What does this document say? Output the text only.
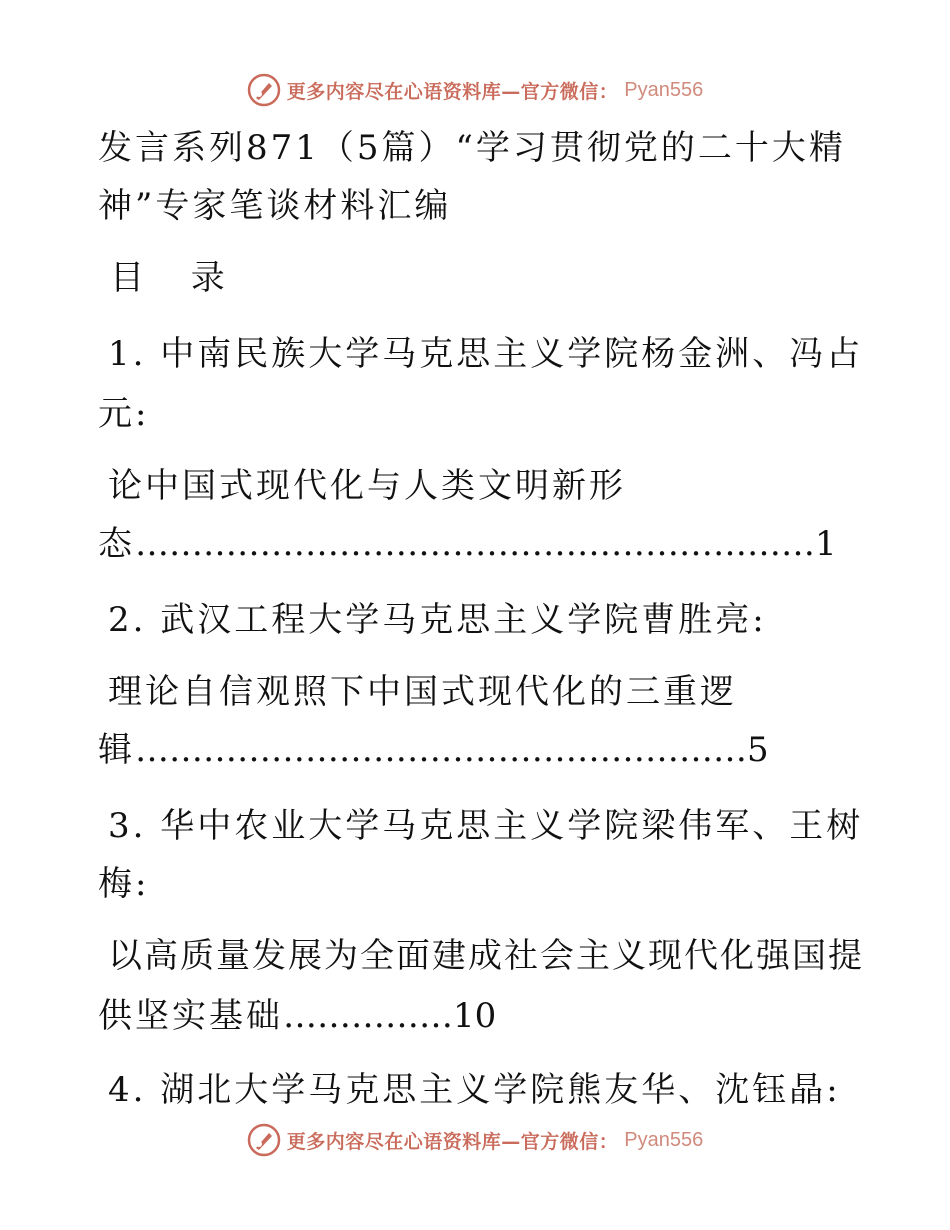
更多内容尽在心语资料库—官方微信： Pyan556
发言系列871（5篇）“学习贯彻党的二十大精
神”专家笔谈材料汇编
目 录
1. 中南民族大学马克思主义学院杨金洲、冯占
元:
论中国式现代化与人类文明新形
态……………………………………………………1
2. 武汉工程大学马克思主义学院曹胜亮:
理论自信观照下中国式现代化的三重逻
辑………………………………………………5
3. 华中农业大学马克思主义学院梁伟军、王树
梅:
以高质量发展为全面建成社会主义现代化强国提
供坚实基础……………10
4. 湖北大学马克思主义学院熊友华、沈钰晶:
更多内容尽在心语资料库—官方微信： Pyan556
